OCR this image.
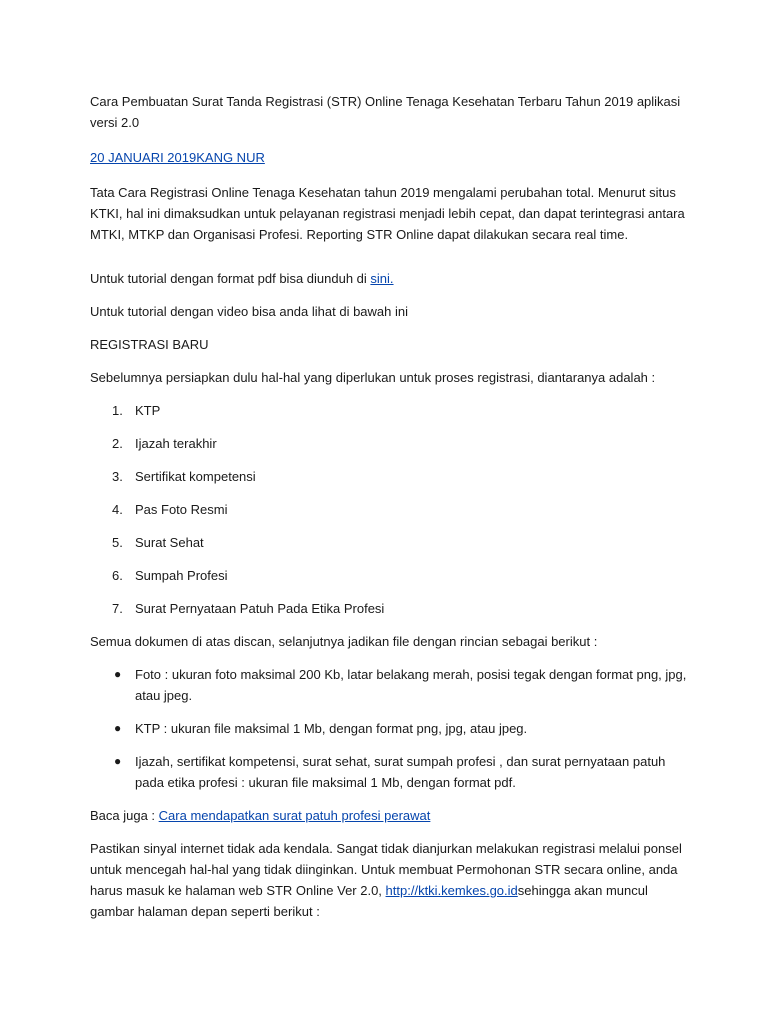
Cara Pembuatan Surat Tanda Registrasi (STR) Online Tenaga Kesehatan Terbaru Tahun 2019 aplikasi versi 2.0

20 JANUARI 2019KANG NUR

Tata Cara Registrasi Online Tenaga Kesehatan tahun 2019 mengalami perubahan total. Menurut situs KTKI, hal ini dimaksudkan untuk pelayanan registrasi menjadi lebih cepat, dan dapat terintegrasi antara MTKI, MTKP dan Organisasi Profesi. Reporting STR Online dapat dilakukan secara real time.

Untuk tutorial dengan format pdf bisa diunduh di sini.

Untuk tutorial dengan video bisa anda lihat di bawah ini

REGISTRASI BARU

Sebelumnya persiapkan dulu hal-hal yang diperlukan untuk proses registrasi, diantaranya adalah :

1. KTP
2. Ijazah terakhir
3. Sertifikat kompetensi
4. Pas Foto Resmi
5. Surat Sehat
6. Sumpah Profesi
7. Surat Pernyataan Patuh Pada Etika Profesi

Semua dokumen di atas discan, selanjutnya jadikan file dengan rincian sebagai berikut :

● Foto : ukuran foto maksimal 200 Kb, latar belakang merah, posisi tegak dengan format png, jpg, atau jpeg.
● KTP : ukuran file maksimal 1 Mb, dengan format png, jpg, atau jpeg.
● Ijazah, sertifikat kompetensi, surat sehat, surat sumpah profesi , dan surat pernyataan patuh pada etika profesi : ukuran file maksimal 1 Mb, dengan format pdf.

Baca juga : Cara mendapatkan surat patuh profesi perawat

Pastikan sinyal internet tidak ada kendala. Sangat tidak dianjurkan melakukan registrasi melalui ponsel untuk mencegah hal-hal yang tidak diinginkan. Untuk membuat Permohonan STR secara online, anda harus masuk ke halaman web STR Online Ver 2.0, http://ktki.kemkes.go.idsehingga akan muncul gambar halaman depan seperti berikut :
